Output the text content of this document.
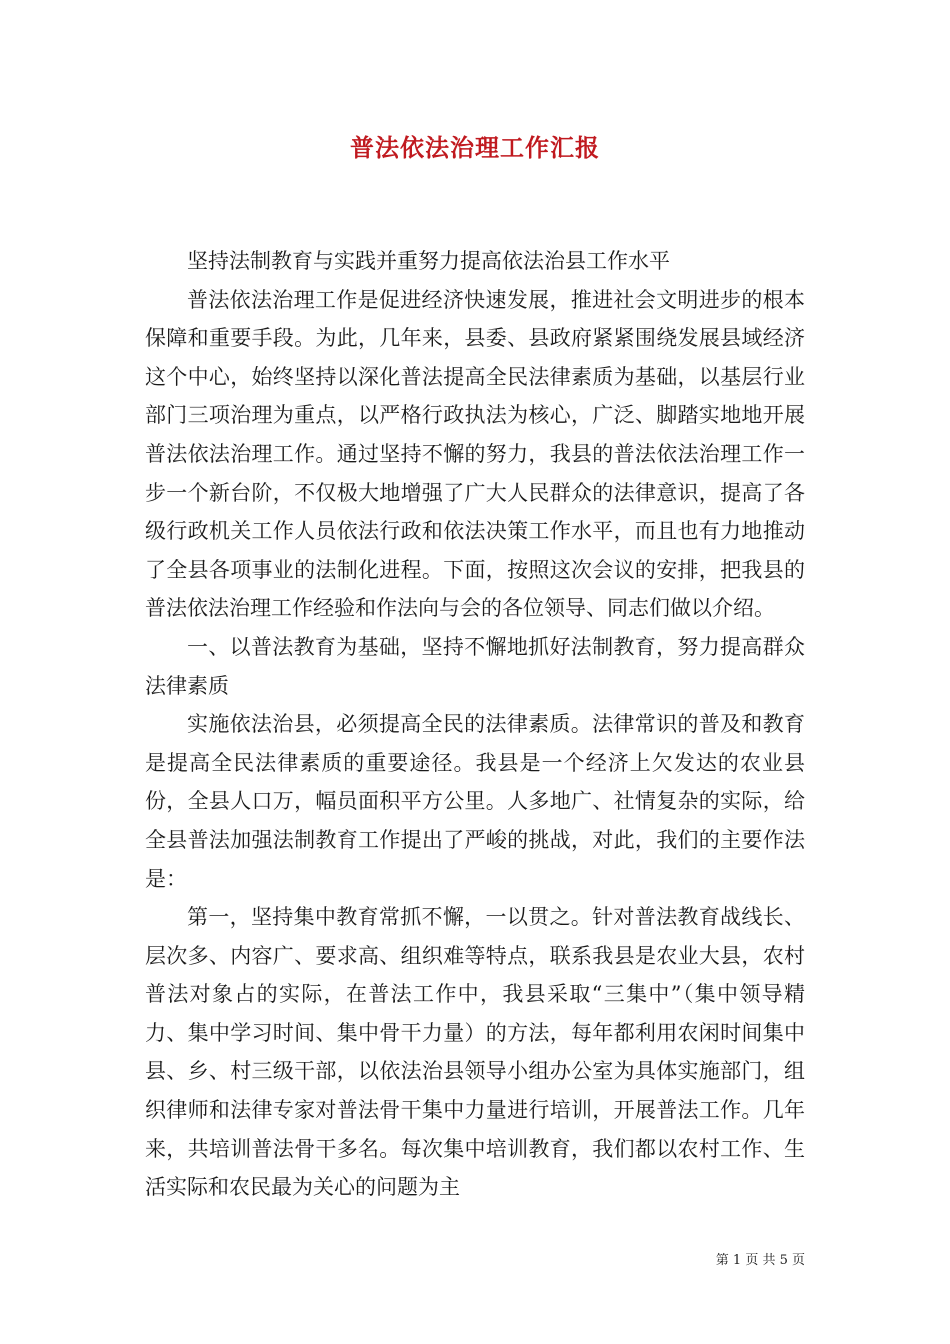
普法依法治理工作汇报

坚持法制教育与实践并重努力提高依法治县工作水平

普法依法治理工作是促进经济快速发展，推进社会文明进步的根本保障和重要手段。为此，几年来，县委、县政府紧紧围绕发展县域经济这个中心，始终坚持以深化普法提高全民法律素质为基础，以基层行业部门三项治理为重点，以严格行政执法为核心，广泛、脚踏实地地开展普法依法治理工作。通过坚持不懈的努力，我县的普法依法治理工作一步一个新台阶，不仅极大地增强了广大人民群众的法律意识，提高了各级行政机关工作人员依法行政和依法决策工作水平，而且也有力地推动了全县各项事业的法制化进程。下面，按照这次会议的安排，把我县的普法依法治理工作经验和作法向与会的各位领导、同志们做以介绍。

一、以普法教育为基础，坚持不懈地抓好法制教育，努力提高群众法律素质

实施依法治县，必须提高全民的法律素质。法律常识的普及和教育是提高全民法律素质的重要途径。我县是一个经济上欠发达的农业县份，全县人口万，幅员面积平方公里。人多地广、社情复杂的实际，给全县普法加强法制教育工作提出了严峻的挑战，对此，我们的主要作法是：

第一，坚持集中教育常抓不懈，一以贯之。针对普法教育战线长、层次多、内容广、要求高、组织难等特点，联系我县是农业大县，农村普法对象占的实际，在普法工作中，我县采取“三集中”（集中领导精力、集中学习时间、集中骨干力量）的方法，每年都利用农闲时间集中县、乡、村三级干部，以依法治县领导小组办公室为具体实施部门，组织律师和法律专家对普法骨干集中力量进行培训，开展普法工作。几年来，共培训普法骨干多名。每次集中培训教育，我们都以农村工作、生活实际和农民最为关心的问题为主

第 1 页 共 5 页
